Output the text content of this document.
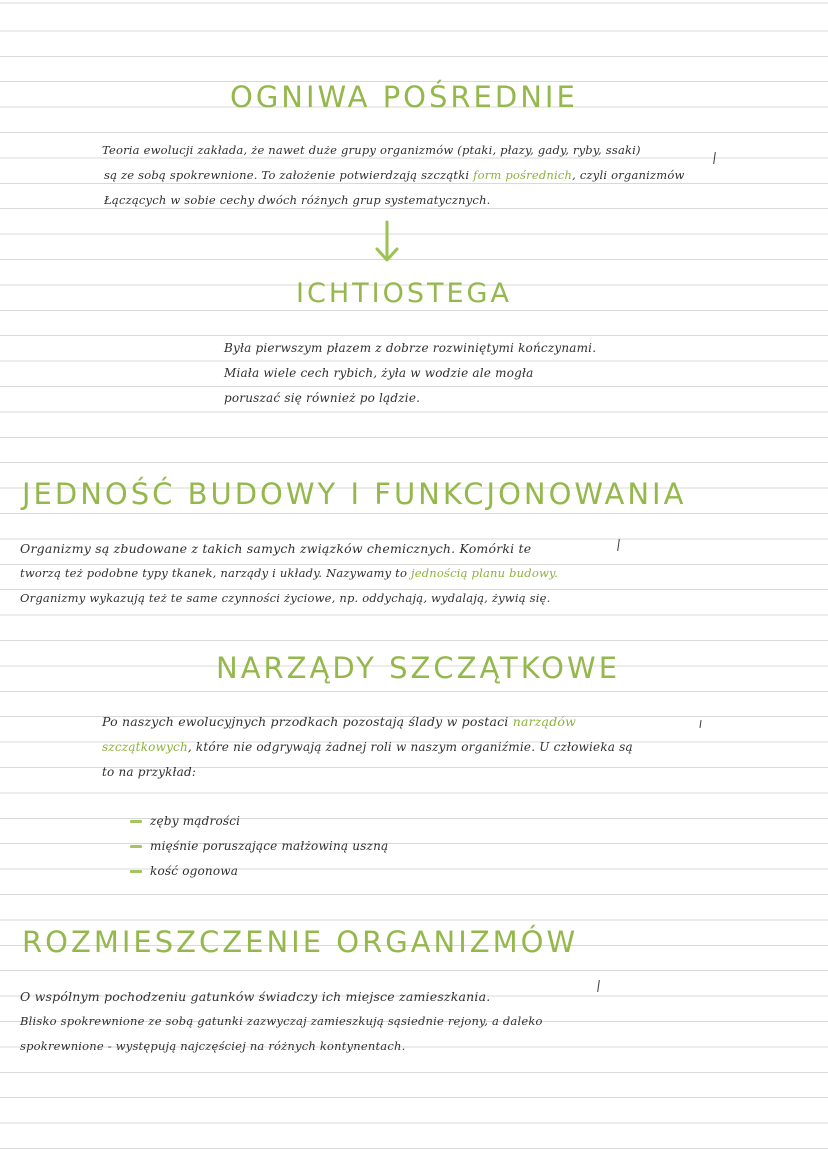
OGNIWA POŚREDNIE

Teoria ewolucji zakłada, że nawet duże grupy organizmów (ptaki, płazy, gady, ryby, ssaki)

są ze sobą spokrewnione. To założenie potwierdzają szczątki form pośrednich, czyli organizmów

Łączących w sobie cechy dwóch różnych grup systematycznych.

ICHTIOSTEGA

Była pierwszym płazem z dobrze rozwiniętymi kończynami.

Miała wiele cech rybich, żyła w wodzie ale mogła

poruszać się również po lądzie.

JEDNOŚĆ BUDOWY I FUNKCJONOWANIA

Organizmy są zbudowane z takich samych związków chemicznych. Komórki te

tworzą też podobne typy tkanek, narządy i układy. Nazywamy to jednością planu budowy.

Organizmy wykazują też te same czynności życiowe, np. oddychają, wydalają, żywią się.

NARZĄDY SZCZĄTKOWE

Po naszych ewolucyjnych przodkach pozostają ślady w postaci narządów

szczątkowych, które nie odgrywają żadnej roli w naszym organiźmie. U człowieka są

to na przykład:

zęby mądrości

mięśnie poruszające małżowiną uszną

kość ogonowa

ROZMIESZCZENIE ORGANIZMÓW

O wspólnym pochodzeniu gatunków świadczy ich miejsce zamieszkania.

Blisko spokrewnione ze sobą gatunki zazwyczaj zamieszkują sąsiednie rejony, a daleko

spokrewnione - występują najczęściej na różnych kontynentach.
